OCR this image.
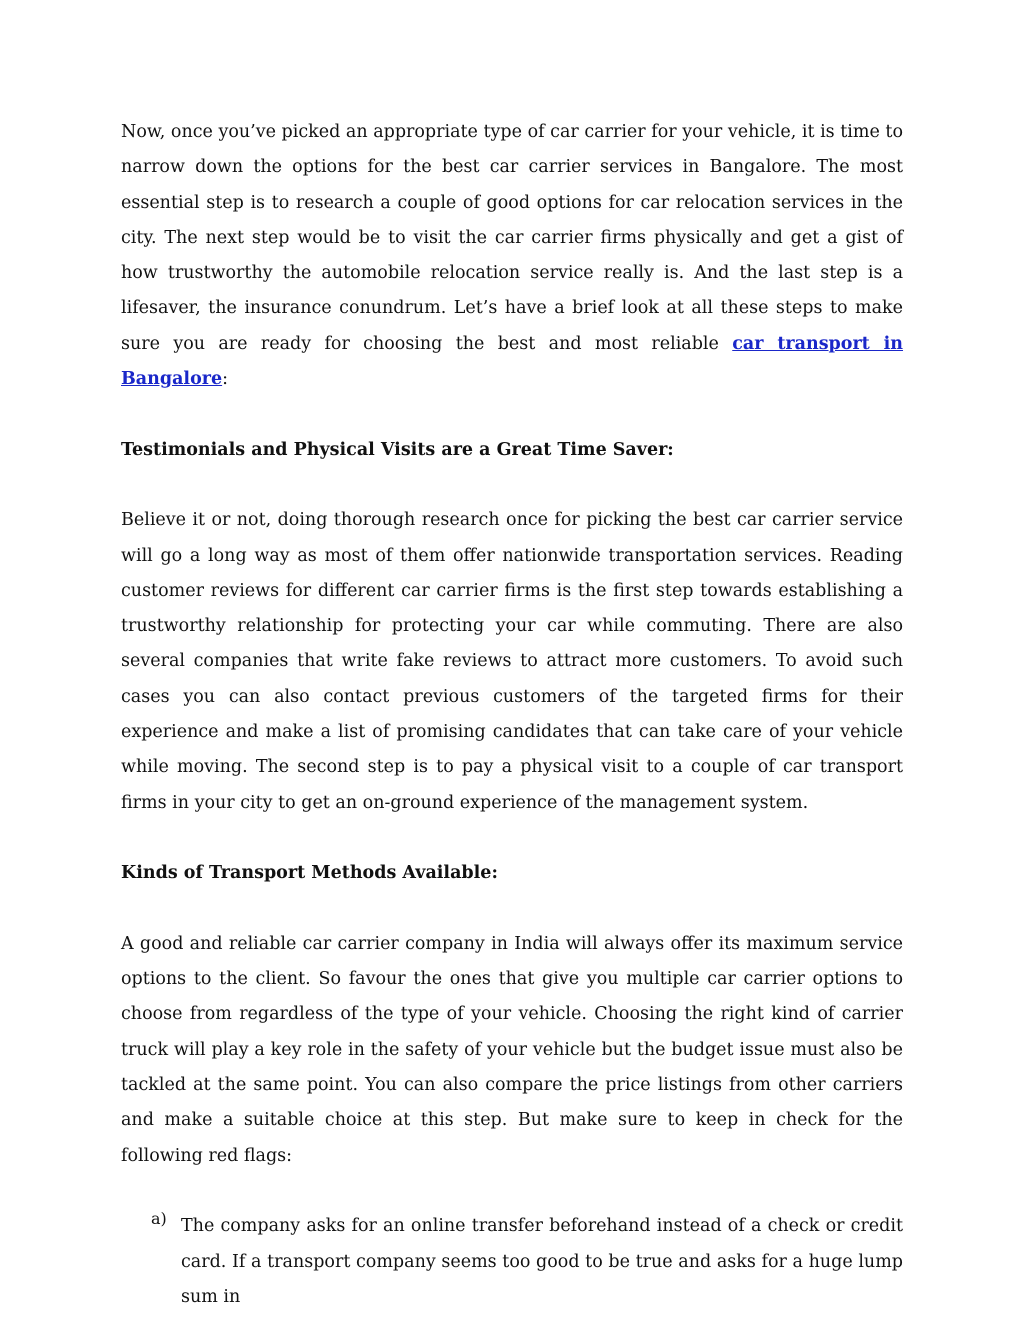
Now, once you’ve picked an appropriate type of car carrier for your vehicle, it is time to narrow down the options for the best car carrier services in Bangalore. The most essential step is to research a couple of good options for car relocation services in the city. The next step would be to visit the car carrier firms physically and get a gist of how trustworthy the automobile relocation service really is. And the last step is a lifesaver, the insurance conundrum. Let’s have a brief look at all these steps to make sure you are ready for choosing the best and most reliable car transport in Bangalore:

Testimonials and Physical Visits are a Great Time Saver:

Believe it or not, doing thorough research once for picking the best car carrier service will go a long way as most of them offer nationwide transportation services. Reading customer reviews for different car carrier firms is the first step towards establishing a trustworthy relationship for protecting your car while commuting. There are also several companies that write fake reviews to attract more customers. To avoid such cases you can also contact previous customers of the targeted firms for their experience and make a list of promising candidates that can take care of your vehicle while moving. The second step is to pay a physical visit to a couple of car transport firms in your city to get an on-ground experience of the management system.

Kinds of Transport Methods Available:

A good and reliable car carrier company in India will always offer its maximum service options to the client. So favour the ones that give you multiple car carrier options to choose from regardless of the type of your vehicle. Choosing the right kind of carrier truck will play a key role in the safety of your vehicle but the budget issue must also be tackled at the same point. You can also compare the price listings from other carriers and make a suitable choice at this step. But make sure to keep in check for the following red flags:

a) The company asks for an online transfer beforehand instead of a check or credit card. If a transport company seems too good to be true and asks for a huge lump sum in
